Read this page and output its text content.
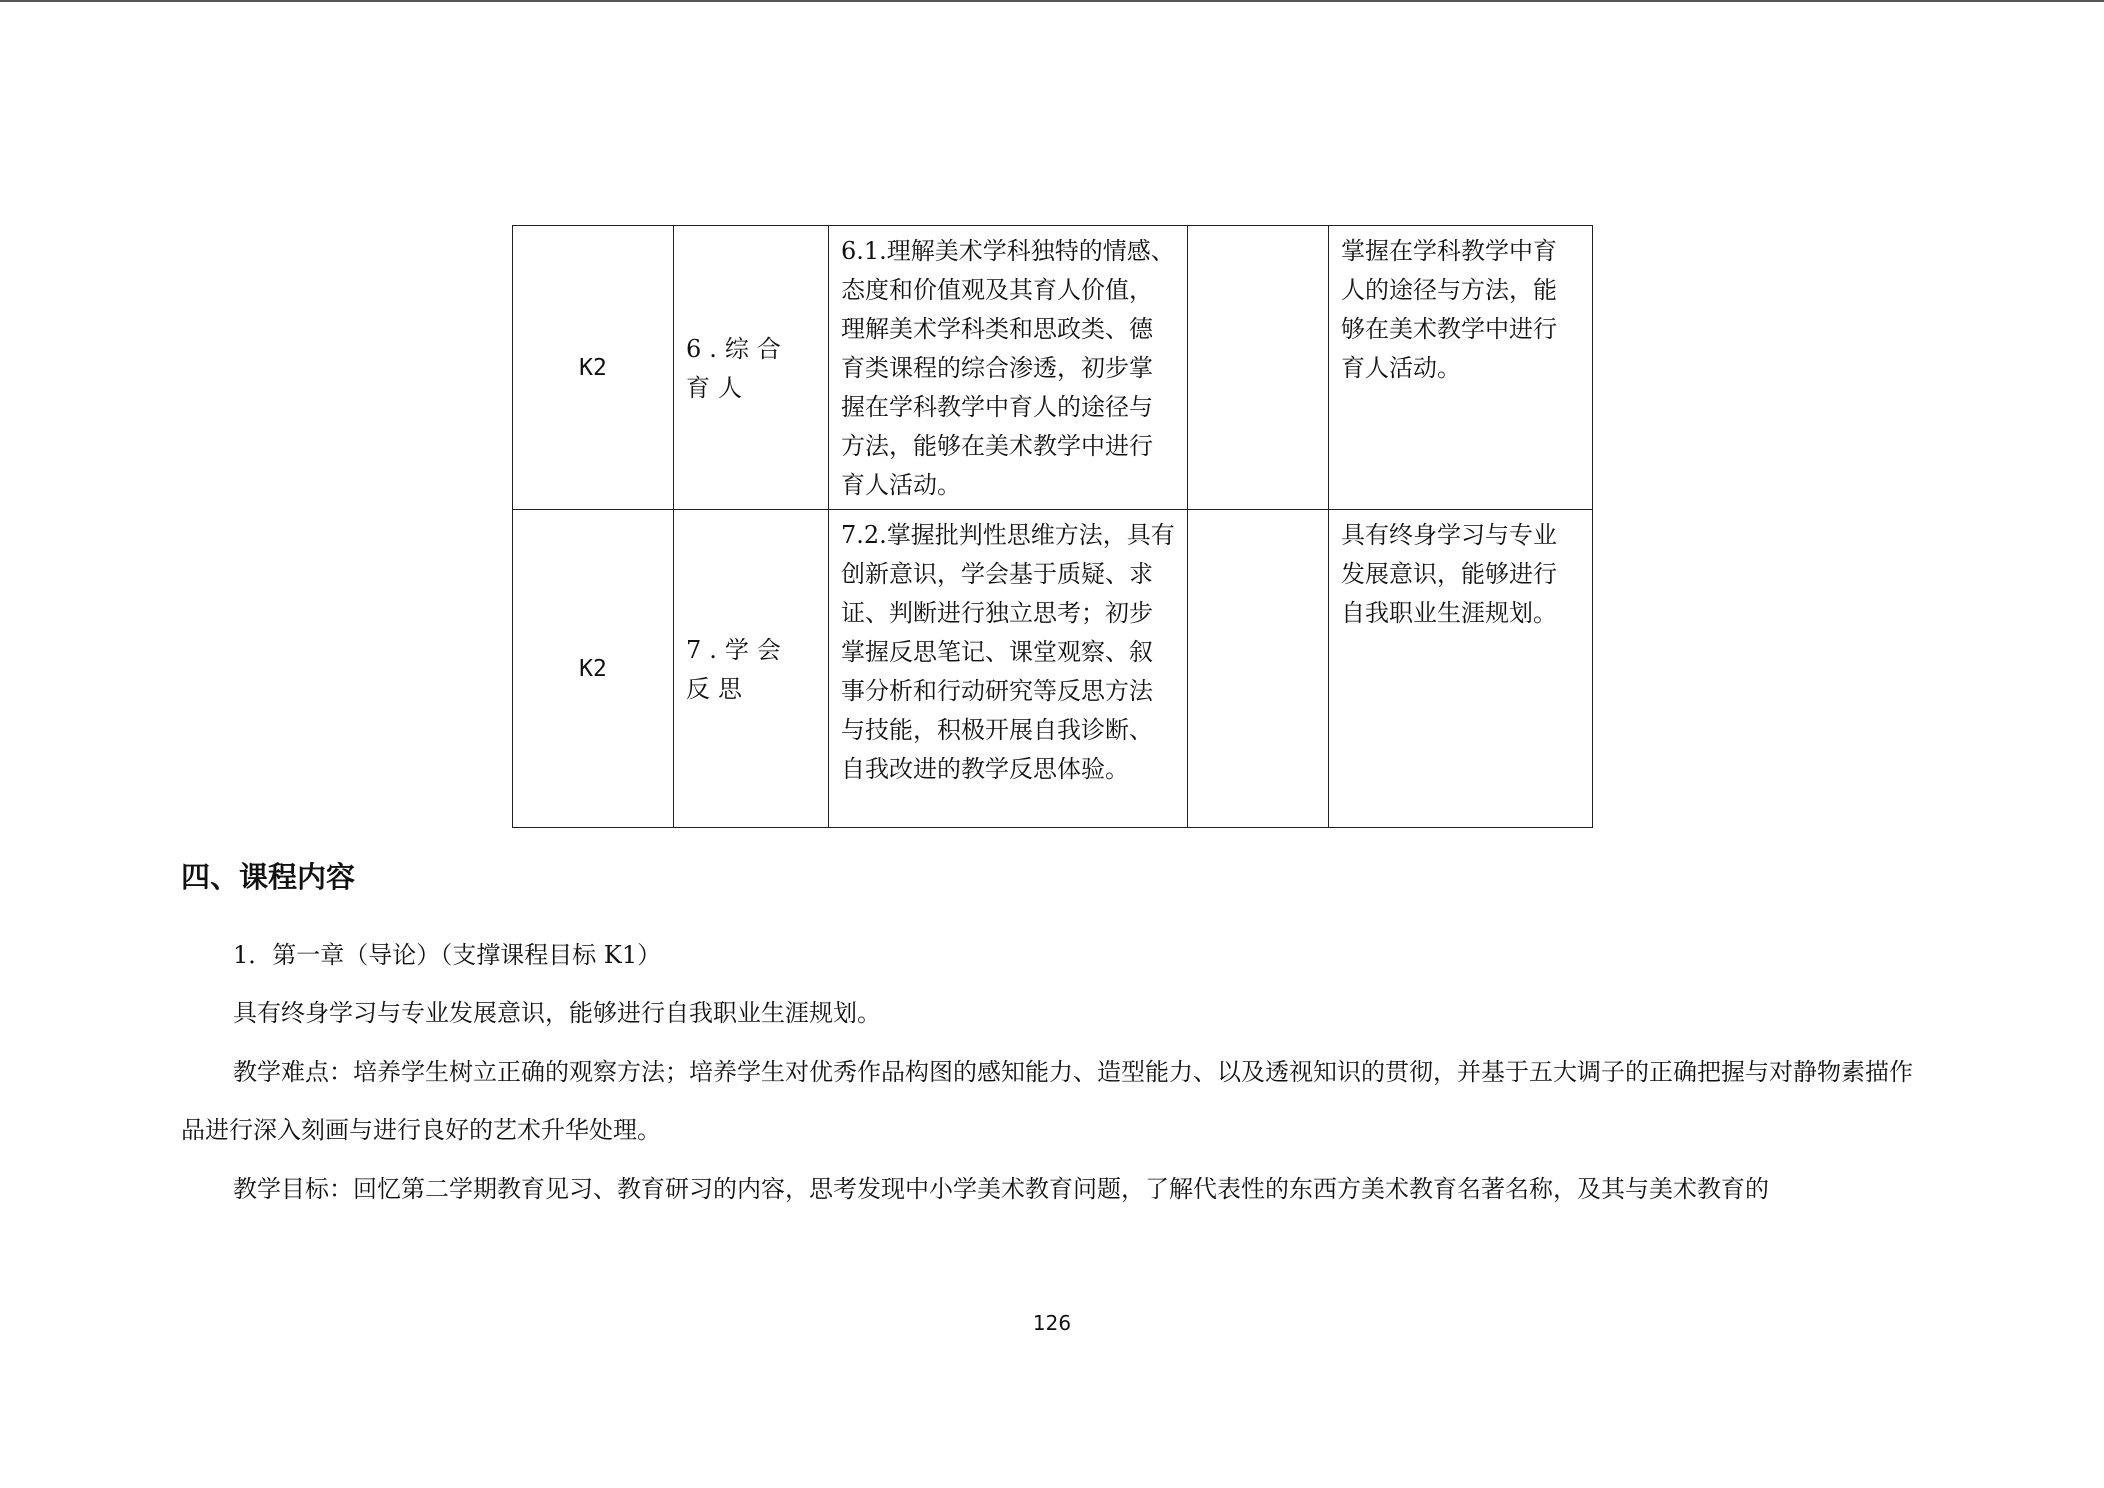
K2	6.综合育人	6.1.理解美术学科独特的情感、态度和价值观及其育人价值，理解美术学科类和思政类、德育类课程的综合渗透，初步掌握在学科教学中育人的途径与方法，能够在美术教学中进行育人活动。		掌握在学科教学中育人的途径与方法，能够在美术教学中进行育人活动。
K2	7.学会反思	7.2.掌握批判性思维方法，具有创新意识，学会基于质疑、求证、判断进行独立思考；初步掌握反思笔记、课堂观察、叙事分析和行动研究等反思方法与技能，积极开展自我诊断、自我改进的教学反思体验。		具有终身学习与专业发展意识，能够进行自我职业生涯规划。
四、课程内容

1．第一章（导论）（支撑课程目标 K1）

具有终身学习与专业发展意识，能够进行自我职业生涯规划。

教学难点：培养学生树立正确的观察方法；培养学生对优秀作品构图的感知能力、造型能力、以及透视知识的贯彻，并基于五大调子的正确把握与对静物素描作品进行深入刻画与进行良好的艺术升华处理。

教学目标：回忆第二学期教育见习、教育研习的内容，思考发现中小学美术教育问题，了解代表性的东西方美术教育名著名称，及其与美术教育的

126
